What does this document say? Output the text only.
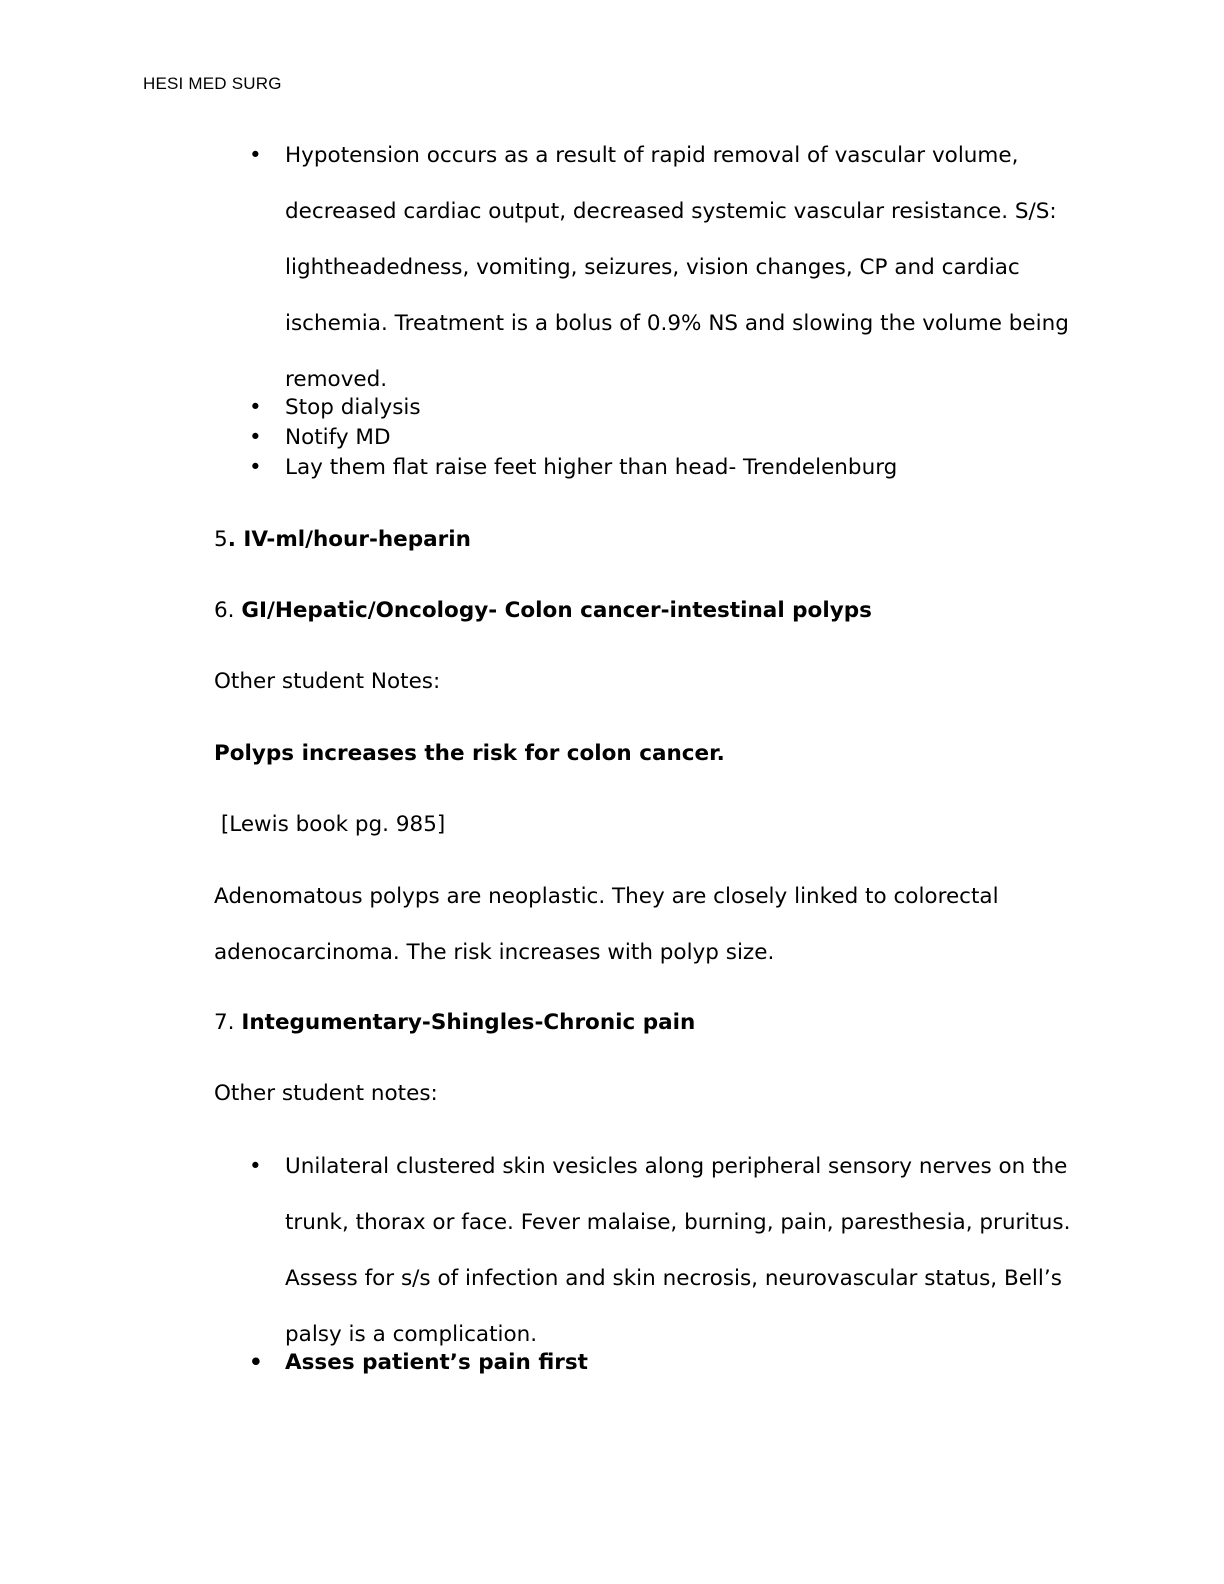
HESI MED SURG
• Hypotension occurs as a result of rapid removal of vascular volume, decreased cardiac output, decreased systemic vascular resistance. S/S: lightheadedness, vomiting, seizures, vision changes, CP and cardiac ischemia. Treatment is a bolus of 0.9% NS and slowing the volume being removed.
• Stop dialysis
• Notify MD
• Lay them flat raise feet higher than head- Trendelenburg
5. IV-ml/hour-heparin
6. GI/Hepatic/Oncology- Colon cancer-intestinal polyps
Other student Notes:
Polyps increases the risk for colon cancer.
[Lewis book pg. 985]

Adenomatous polyps are neoplastic. They are closely linked to colorectal adenocarcinoma. The risk increases with polyp size.

7. Integumentary-Shingles-Chronic pain
Other student notes:
• Unilateral clustered skin vesicles along peripheral sensory nerves on the trunk, thorax or face. Fever malaise, burning, pain, paresthesia, pruritus. Assess for s/s of infection and skin necrosis, neurovascular status, Bell’s palsy is a complication.
• Asses patient’s pain first
